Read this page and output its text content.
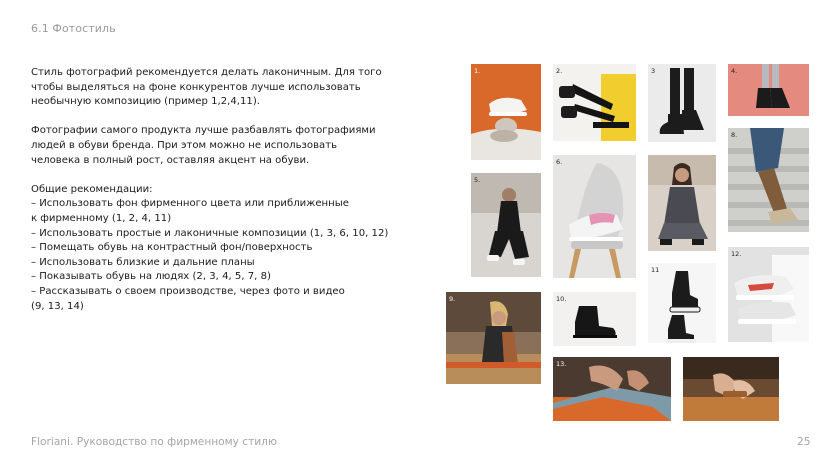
6.1 Фотостиль

Стиль фотографий рекомендуется делать лаконичным. Для того

чтобы выделяться на фоне конкурентов лучше использовать

необычную композицию (пример 1,2,4,11).

Фотографии самого продукта лучше разбавлять фотографиями

людей в обуви бренда. При этом можно не использовать

человека в полный рост, оставляя акцент на обуви.

Общие рекомендации:

– Использовать фон фирменного цвета или приближенные

к фирменному (1, 2, 4, 11)

– Использовать простые и лаконичные композиции (1, 3, 6, 10, 12)

– Помещать обувь на контрастный фон/поверхность

– Использовать близкие и дальние планы

– Показывать обувь на людях (2, 3, 4, 5, 7, 8)

– Рассказывать о своем производстве, через фото и видео

(9, 13, 14)

1.	2.	3	4.
8.
5.
6.
11
12.
9.	10.
13.
Floriani. Руководство по фирменному стилю	25
